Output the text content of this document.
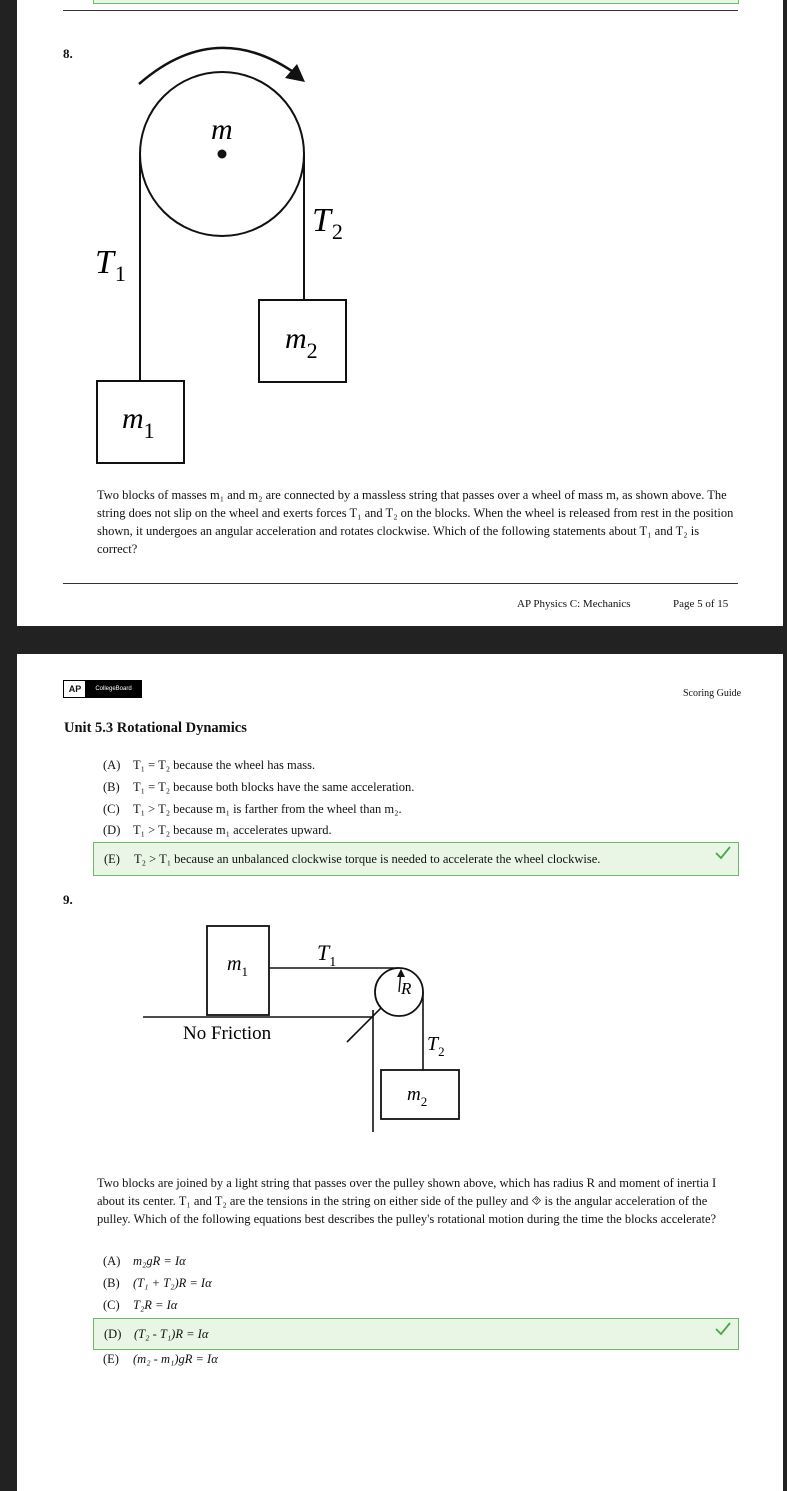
8.
m
$T_2$
$T_1$
$m_2$
$m_1$
Two blocks of masses m₁ and m₂ are connected by a massless string that passes over a wheel of mass m, as shown above. The string does not slip on the wheel and exerts forces T₁ and T₂ on the blocks. When the wheel is released from rest in the position shown, it undergoes an angular acceleration and rotates clockwise. Which of the following statements about T₁ and T₂ is correct?
AP Physics C: Mechanics	Page 5 of 15
AP	CollegeBoard	Scoring Guide
Unit 5.3 Rotational Dynamics
(A) T₁ = T₂ because the wheel has mass.
(B) T₁ = T₂ because both blocks have the same acceleration.
(C) T₁ > T₂ because m₁ is farther from the wheel than m₂.
(D) T₁ > T₂ because m₁ accelerates upward.
(E) T₂ > T₁ because an unbalanced clockwise torque is needed to accelerate the wheel clockwise.
9.
$m_1$
$T_1$
R
$T_2$
$m_2$
No Friction
Two blocks are joined by a light string that passes over the pulley shown above, which has radius R and moment of inertia I about its center. T₁ and T₂ are the tensions in the string on either side of the pulley and ⯑ is the angular acceleration of the pulley. Which of the following equations best describes the pulley's rotational motion during the time the blocks accelerate?
(A) m₂gR = Iα
(B) (T₁ + T₂)R = Iα
(C) T₂R = Iα
(D) (T₂ - T₁)R = Iα
(E) (m₂ - m₁)gR = Iα
